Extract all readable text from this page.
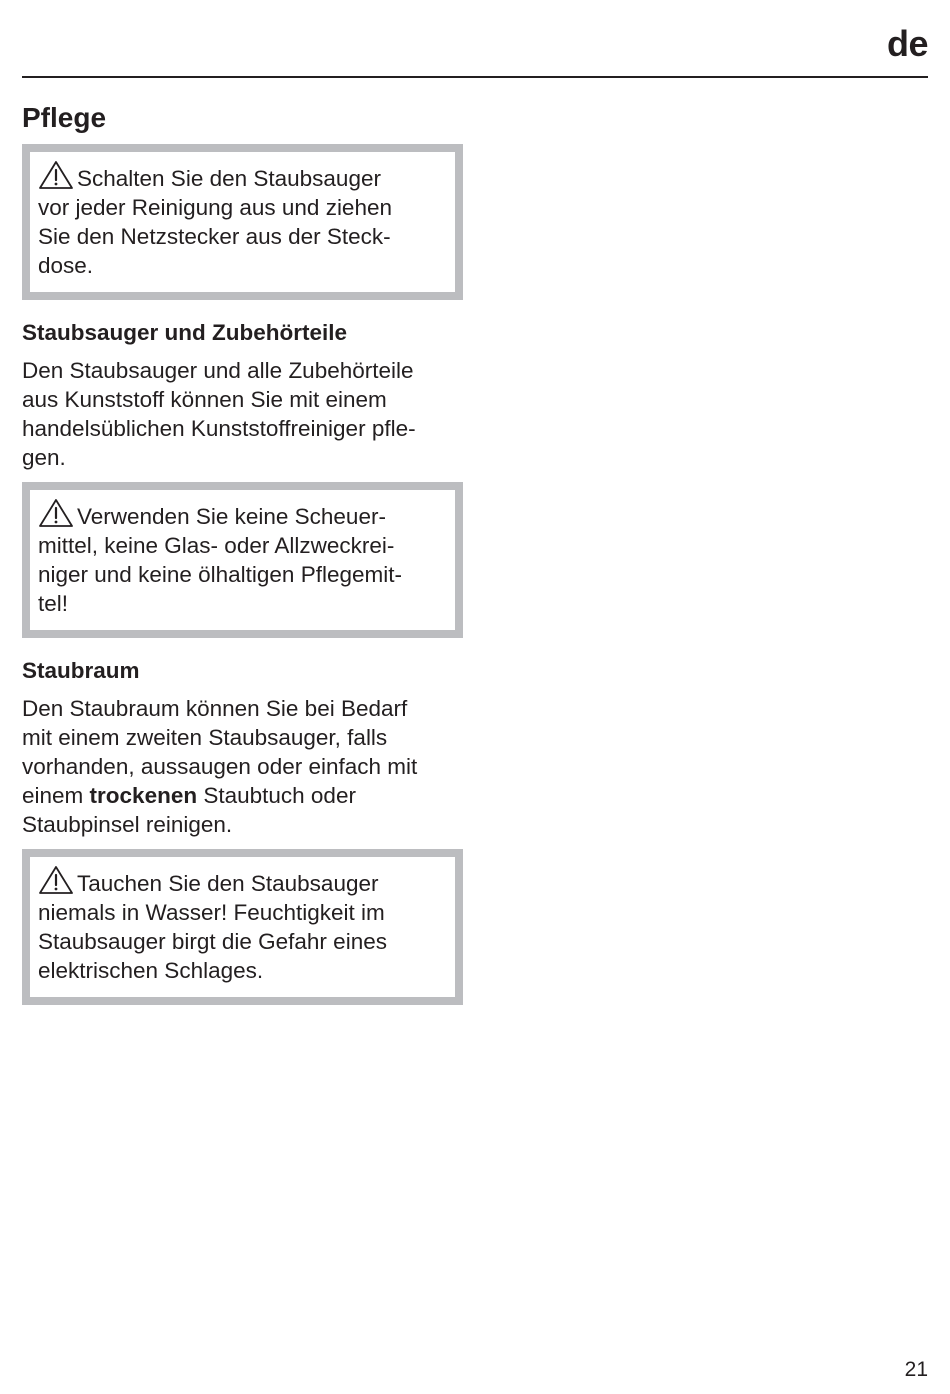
de
Pflege
Schalten Sie den Staubsauger
vor jeder Reinigung aus und ziehen
Sie den Netzstecker aus der Steck-
dose.
Staubsauger und Zubehörteile

Den Staubsauger und alle Zubehörteile
aus Kunststoff können Sie mit einem
handelsüblichen Kunststoffreiniger pfle-
gen.

Verwenden Sie keine Scheuer-
mittel, keine Glas- oder Allzweckrei-
niger und keine ölhaltigen Pflegemit-
tel!
Staubraum

Den Staubraum können Sie bei Bedarf
mit einem zweiten Staubsauger, falls
vorhanden, aussaugen oder einfach mit
einem trockenen Staubtuch oder
Staubpinsel reinigen.

Tauchen Sie den Staubsauger
niemals in Wasser! Feuchtigkeit im
Staubsauger birgt die Gefahr eines
elektrischen Schlages.
21
